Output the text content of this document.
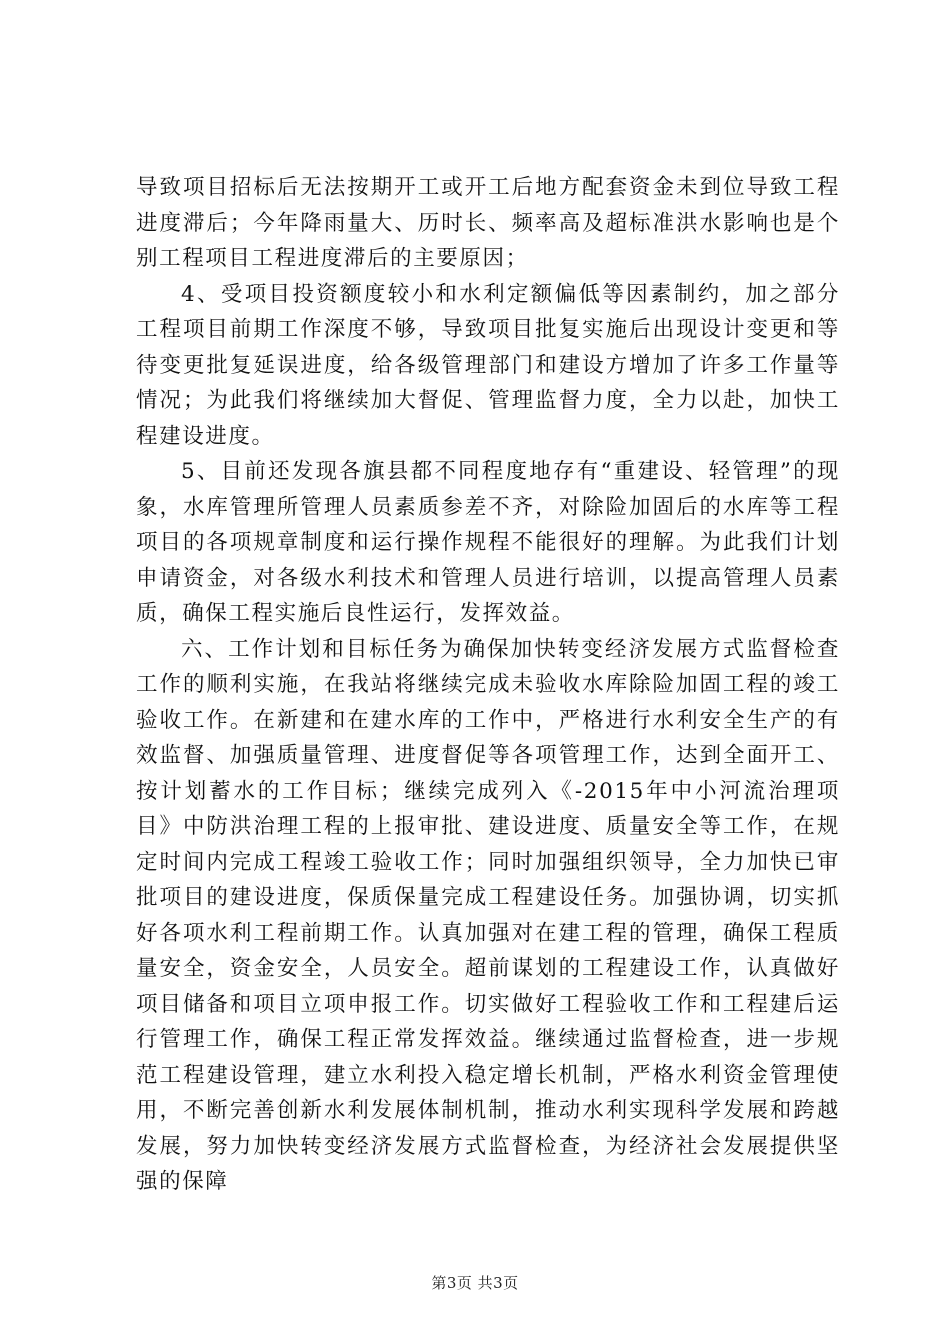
导致项目招标后无法按期开工或开工后地方配套资金未到位导致工程进度滞后；今年降雨量大、历时长、频率高及超标准洪水影响也是个别工程项目工程进度滞后的主要原因；

4、受项目投资额度较小和水利定额偏低等因素制约，加之部分工程项目前期工作深度不够，导致项目批复实施后出现设计变更和等待变更批复延误进度，给各级管理部门和建设方增加了许多工作量等情况；为此我们将继续加大督促、管理监督力度，全力以赴，加快工程建设进度。

5、目前还发现各旗县都不同程度地存有“重建设、轻管理”的现象，水库管理所管理人员素质参差不齐，对除险加固后的水库等工程项目的各项规章制度和运行操作规程不能很好的理解。为此我们计划申请资金，对各级水利技术和管理人员进行培训，以提高管理人员素质，确保工程实施后良性运行，发挥效益。

六、工作计划和目标任务为确保加快转变经济发展方式监督检查工作的顺利实施，在我站将继续完成未验收水库除险加固工程的竣工验收工作。在新建和在建水库的工作中，严格进行水利安全生产的有效监督、加强质量管理、进度督促等各项管理工作，达到全面开工、按计划蓄水的工作目标；继续完成列入《-2015年中小河流治理项目》中防洪治理工程的上报审批、建设进度、质量安全等工作，在规定时间内完成工程竣工验收工作；同时加强组织领导，全力加快已审批项目的建设进度，保质保量完成工程建设任务。加强协调，切实抓好各项水利工程前期工作。认真加强对在建工程的管理，确保工程质量安全，资金安全，人员安全。超前谋划的工程建设工作，认真做好项目储备和项目立项申报工作。切实做好工程验收工作和工程建后运行管理工作，确保工程正常发挥效益。继续通过监督检查，进一步规范工程建设管理，建立水利投入稳定增长机制，严格水利资金管理使用，不断完善创新水利发展体制机制，推动水利实现科学发展和跨越发展，努力加快转变经济发展方式监督检查，为经济社会发展提供坚强的保障

第3页 共3页
